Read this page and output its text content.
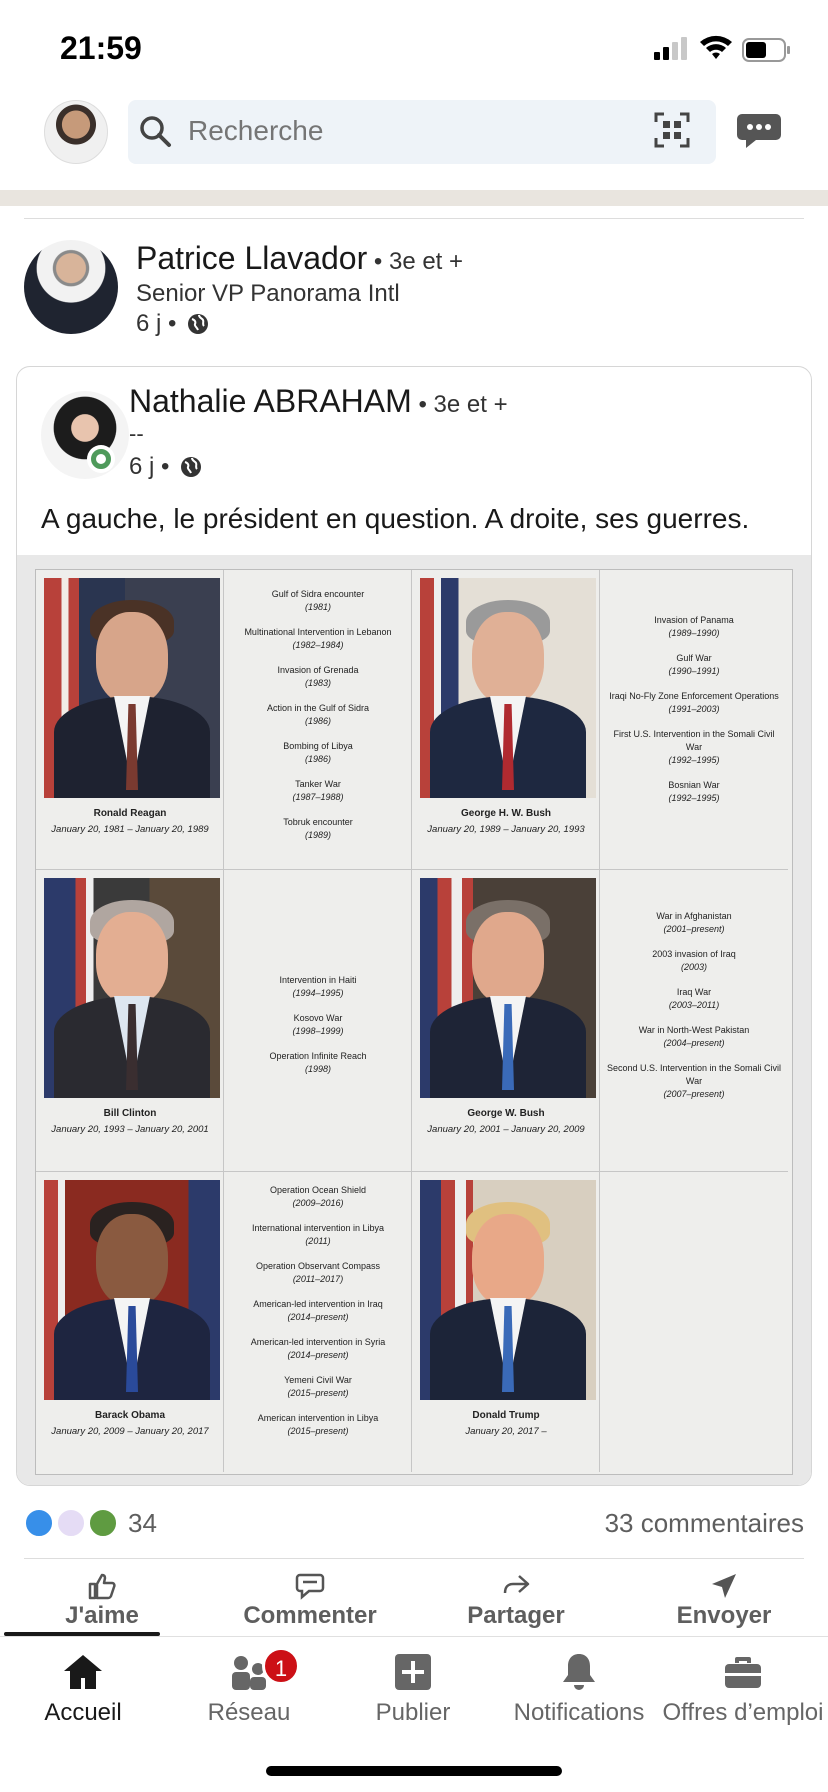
21:59
Recherche
Patrice Llavador • 3e et +
Senior VP Panorama Intl
6 j •
Nathalie ABRAHAM • 3e et +
--
6 j •
A gauche, le président en question. A droite, ses guerres.
Ronald Reagan
January 20, 1981 – January 20, 1989
Gulf of Sidra encounter
(1981)
Multinational Intervention in Lebanon
(1982–1984)
Invasion of Grenada
(1983)
Action in the Gulf of Sidra
(1986)
Bombing of Libya
(1986)
Tanker War
(1987–1988)
Tobruk encounter
(1989)
George H. W. Bush
January 20, 1989 – January 20, 1993
Invasion of Panama
(1989–1990)
Gulf War
(1990–1991)
Iraqi No-Fly Zone Enforcement Operations
(1991–2003)
First U.S. Intervention in the Somali Civil War
(1992–1995)
Bosnian War
(1992–1995)
Bill Clinton
January 20, 1993 – January 20, 2001
Intervention in Haiti
(1994–1995)
Kosovo War
(1998–1999)
Operation Infinite Reach
(1998)
George W. Bush
January 20, 2001 – January 20, 2009
War in Afghanistan
(2001–present)
2003 invasion of Iraq
(2003)
Iraq War
(2003–2011)
War in North-West Pakistan
(2004–present)
Second U.S. Intervention in the Somali Civil War
(2007–present)
Barack Obama
January 20, 2009 – January 20, 2017
Operation Ocean Shield
(2009–2016)
International intervention in Libya
(2011)
Operation Observant Compass
(2011–2017)
American-led intervention in Iraq
(2014–present)
American-led intervention in Syria
(2014–present)
Yemeni Civil War
(2015–present)
American intervention in Libya
(2015–present)
Donald Trump
January 20, 2017 –
34	33 commentaires
J'aime	Commenter	Partager	Envoyer
Accueil
1
Réseau	Publier	Notifications Offres d’emploi
